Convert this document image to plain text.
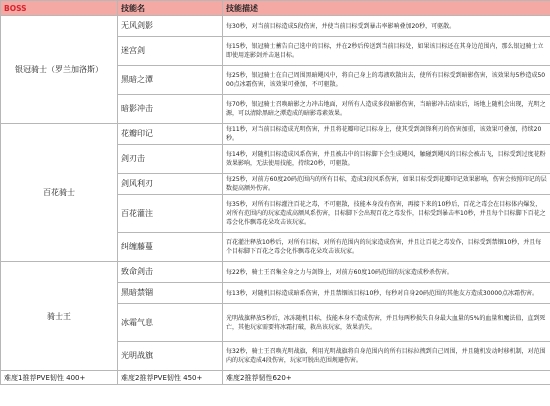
BOSS	技能名	技能描述
银冠骑士（罗兰加洛斯）	无风剑影	每30秒，对当前目标造成5段伤害，并使当前目标受到暴击率影响叠加20秒，可驱散。
	迷宫剑	每15秒，银冠骑士蓄告自己选中的目标，并在2秒后传送到当前目标处，如果该目标还在其身边范围内，那么银冠骑士立即使用连影剑并击退目标。
	黑暗之潭	每25秒，银冠骑士在自己周围黑暗飓风中，将自己身上的毒液吹散出去，使所有目标受到暗影伤害，该效果每5秒造成5000点冰霜伤害，该效果可叠加，不可驱散。
	暗影冲击	每70秒，银冠骑士召唤暗影之力冲击地面，对所有人造成多段暗影伤害，当暗影冲击结束后，场地上随机会出现，光明之源，可以清除黑暗之潭造成的暗影毒素效果。
百花骑士	花瓣印记	每11秒，对当前目标造成光明伤害，并且将花瓣印记目标身上，使其受到剑锋利刃的伤害加重，该效果可叠加，持续20秒。
	剑刃击	每14秒，对随机目标造成风系伤害，并且被击中的目标脚下会生成飓风，触碰到飓风的目标会被击飞，目标受到过度花粉效果影响，无法使用技能，持续20秒，可驱散。
	剑风利刃	每25秒，对前方60度20码范围内的所有目标，造成3段风系伤害，如果目标受到花瓣印记效果影响，伤害会按照印记的层数提高额外伤害。
	百花灌注	每35秒，对所有目标灌注百花之毒，不可驱散，技能本身没有伤害，再接下来的10秒后，百花之毒会在目标体内爆发，对所有范围内的玩家造成高额风系伤害，目标脚下会出现百花之毒发作，目标受到暴击率10秒，并且每个目标脚下百花之毒会化作飘毒花朵攻击该玩家。
	纠缠藤蔓	百花灌注释放10秒后，对所有目标，对所有范围内的玩家造成伤害，并且让百花之毒发作，目标受到禁锢10秒，并且每个目标脚下百花之毒会化作飘毒花朵攻击该玩家。
骑士王	致命剑击	每22秒，骑士王召集全身之力与剑锋上，对前方60度10码范围的玩家造成秒杀伤害。
	黑暗禁锢	每13秒，对随机目标造成暗系伤害，并且禁锢该目标10秒，每秒对自身20码范围的其他友方造成30000点冰霜伤害。
	冰霜气息	光明战旗释放5秒后，冰冻随机目标，技能本身不造成伤害，并且每两秒损失自身最大血量的5%的血量和魔法值，直到死亡，其他玩家需要将冰霜打破，救出该玩家，效果消失。
	光明战旗	每32秒，骑士王召唤光明战旗，利用光明战旗将自身范围内的所有目标拉拽到自己周围，并且随机发动时移机制，对范围内的玩家造成4段伤害，玩家可脱出范围规避伤害。
难度1推荐PVE韧性 400+	难度2推荐PVE韧性 450+	难度2推荐韧性620+
